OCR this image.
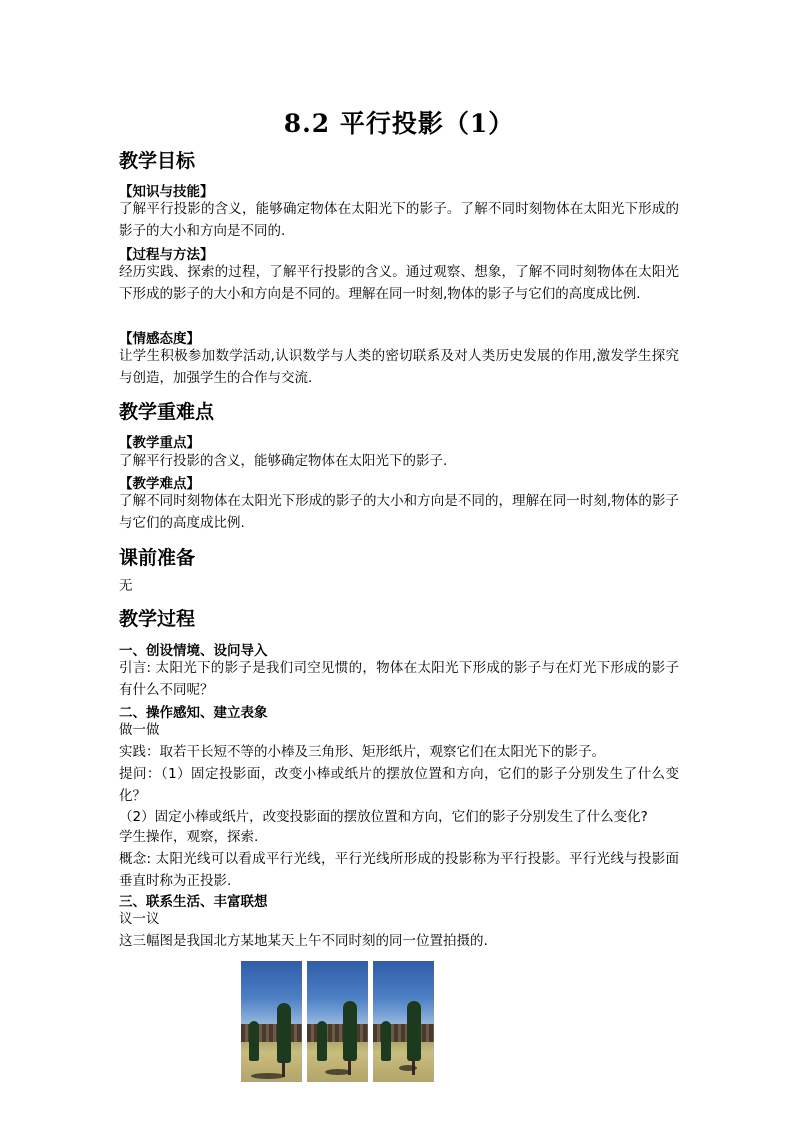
8.2 平行投影（1）
教学目标

【知识与技能】

了解平行投影的含义，能够确定物体在太阳光下的影子。了解不同时刻物体在太阳光下形成的影子的大小和方向是不同的.

【过程与方法】

经历实践、探索的过程，了解平行投影的含义。通过观察、想象，了解不同时刻物体在太阳光下形成的影子的大小和方向是不同的。理解在同一时刻,物体的影子与它们的高度成比例.

【情感态度】

让学生积极参加数学活动,认识数学与人类的密切联系及对人类历史发展的作用,激发学生探究与创造，加强学生的合作与交流.

教学重难点

【教学重点】

了解平行投影的含义，能够确定物体在太阳光下的影子.

【教学难点】

了解不同时刻物体在太阳光下形成的影子的大小和方向是不同的，理解在同一时刻,物体的影子与它们的高度成比例.

课前准备

无

教学过程

一、创设情境、设问导入

引言: 太阳光下的影子是我们司空见惯的，物体在太阳光下形成的影子与在灯光下形成的影子有什么不同呢？

二、操作感知、建立表象

做一做

实践：取若干长短不等的小棒及三角形、矩形纸片，观察它们在太阳光下的影子。

提问：（1）固定投影面，改变小棒或纸片的摆放位置和方向，它们的影子分别发生了什么变化？

（2）固定小棒或纸片，改变投影面的摆放位置和方向，它们的影子分别发生了什么变化?

学生操作，观察，探索.

概念: 太阳光线可以看成平行光线，平行光线所形成的投影称为平行投影。平行光线与投影面垂直时称为正投影.

三、联系生活、丰富联想

议一议

这三幅图是我国北方某地某天上午不同时刻的同一位置拍摄的.
